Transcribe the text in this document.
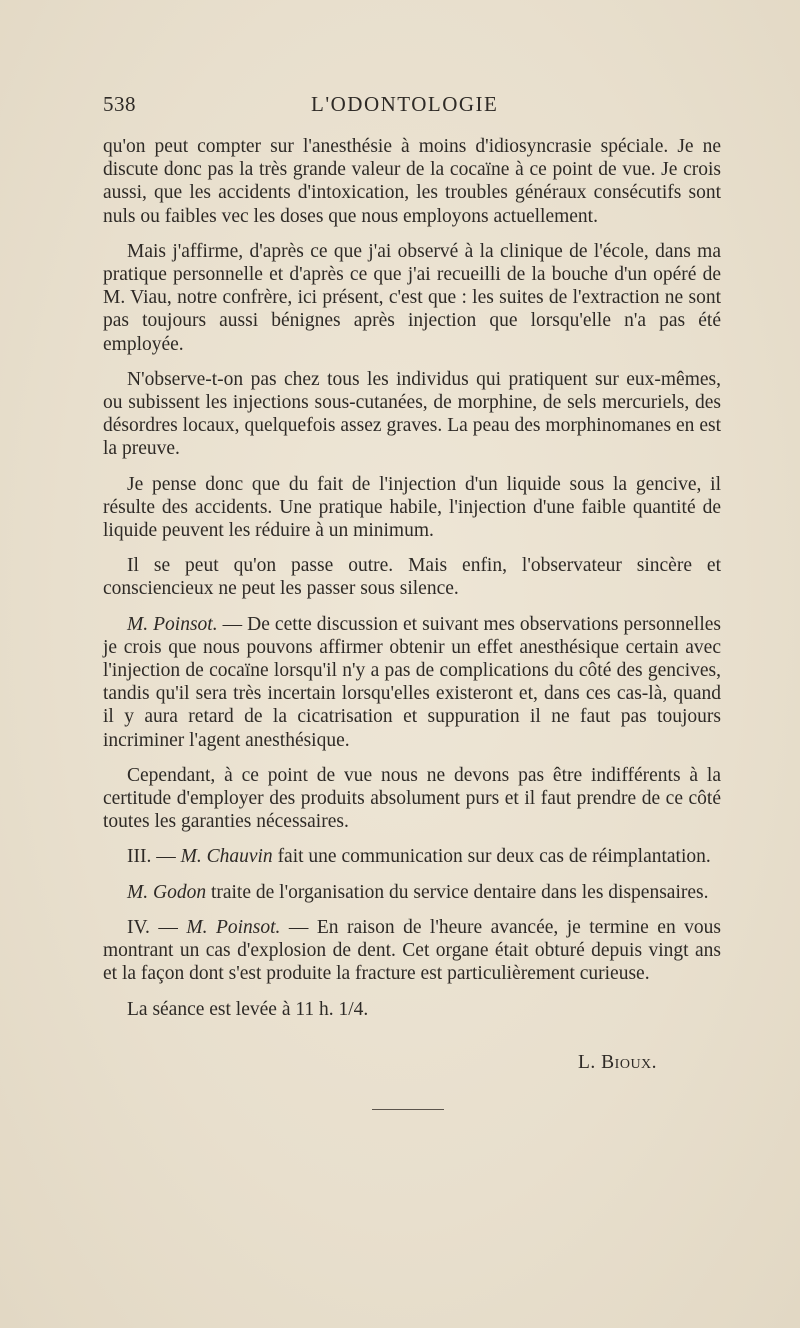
538	L'ODONTOLOGIE

qu'on peut compter sur l'anesthésie à moins d'idiosyncrasie spéciale. Je ne discute donc pas la très grande valeur de la cocaïne à ce point de vue. Je crois aussi, que les accidents d'intoxication, les troubles généraux consécutifs sont nuls ou faibles vec les doses que nous employons actuellement.

Mais j'affirme, d'après ce que j'ai observé à la clinique de l'école, dans ma pratique personnelle et d'après ce que j'ai recueilli de la bouche d'un opéré de M. Viau, notre confrère, ici présent, c'est que : les suites de l'extraction ne sont pas toujours aussi bénignes après injection que lorsqu'elle n'a pas été employée.

N'observe-t-on pas chez tous les individus qui pratiquent sur eux-mêmes, ou subissent les injections sous-cutanées, de morphine, de sels mercuriels, des désordres locaux, quelquefois assez graves. La peau des morphinomanes en est la preuve.

Je pense donc que du fait de l'injection d'un liquide sous la gencive, il résulte des accidents. Une pratique habile, l'injection d'une faible quantité de liquide peuvent les réduire à un minimum.

Il se peut qu'on passe outre. Mais enfin, l'observateur sincère et consciencieux ne peut les passer sous silence.

M. Poinsot. — De cette discussion et suivant mes observations personnelles je crois que nous pouvons affirmer obtenir un effet anesthésique certain avec l'injection de cocaïne lorsqu'il n'y a pas de complications du côté des gencives, tandis qu'il sera très incertain lorsqu'elles existeront et, dans ces cas-là, quand il y aura retard de la cicatrisation et suppuration il ne faut pas toujours incriminer l'agent anesthésique.

Cependant, à ce point de vue nous ne devons pas être indifférents à la certitude d'employer des produits absolument purs et il faut prendre de ce côté toutes les garanties nécessaires.

III. — M. Chauvin fait une communication sur deux cas de réimplantation.

M. Godon traite de l'organisation du service dentaire dans les dispensaires.

IV. — M. Poinsot. — En raison de l'heure avancée, je termine en vous montrant un cas d'explosion de dent. Cet organe était obturé depuis vingt ans et la façon dont s'est produite la fracture est particulièrement curieuse.

La séance est levée à 11 h. 1/4.

L. Bioux.
